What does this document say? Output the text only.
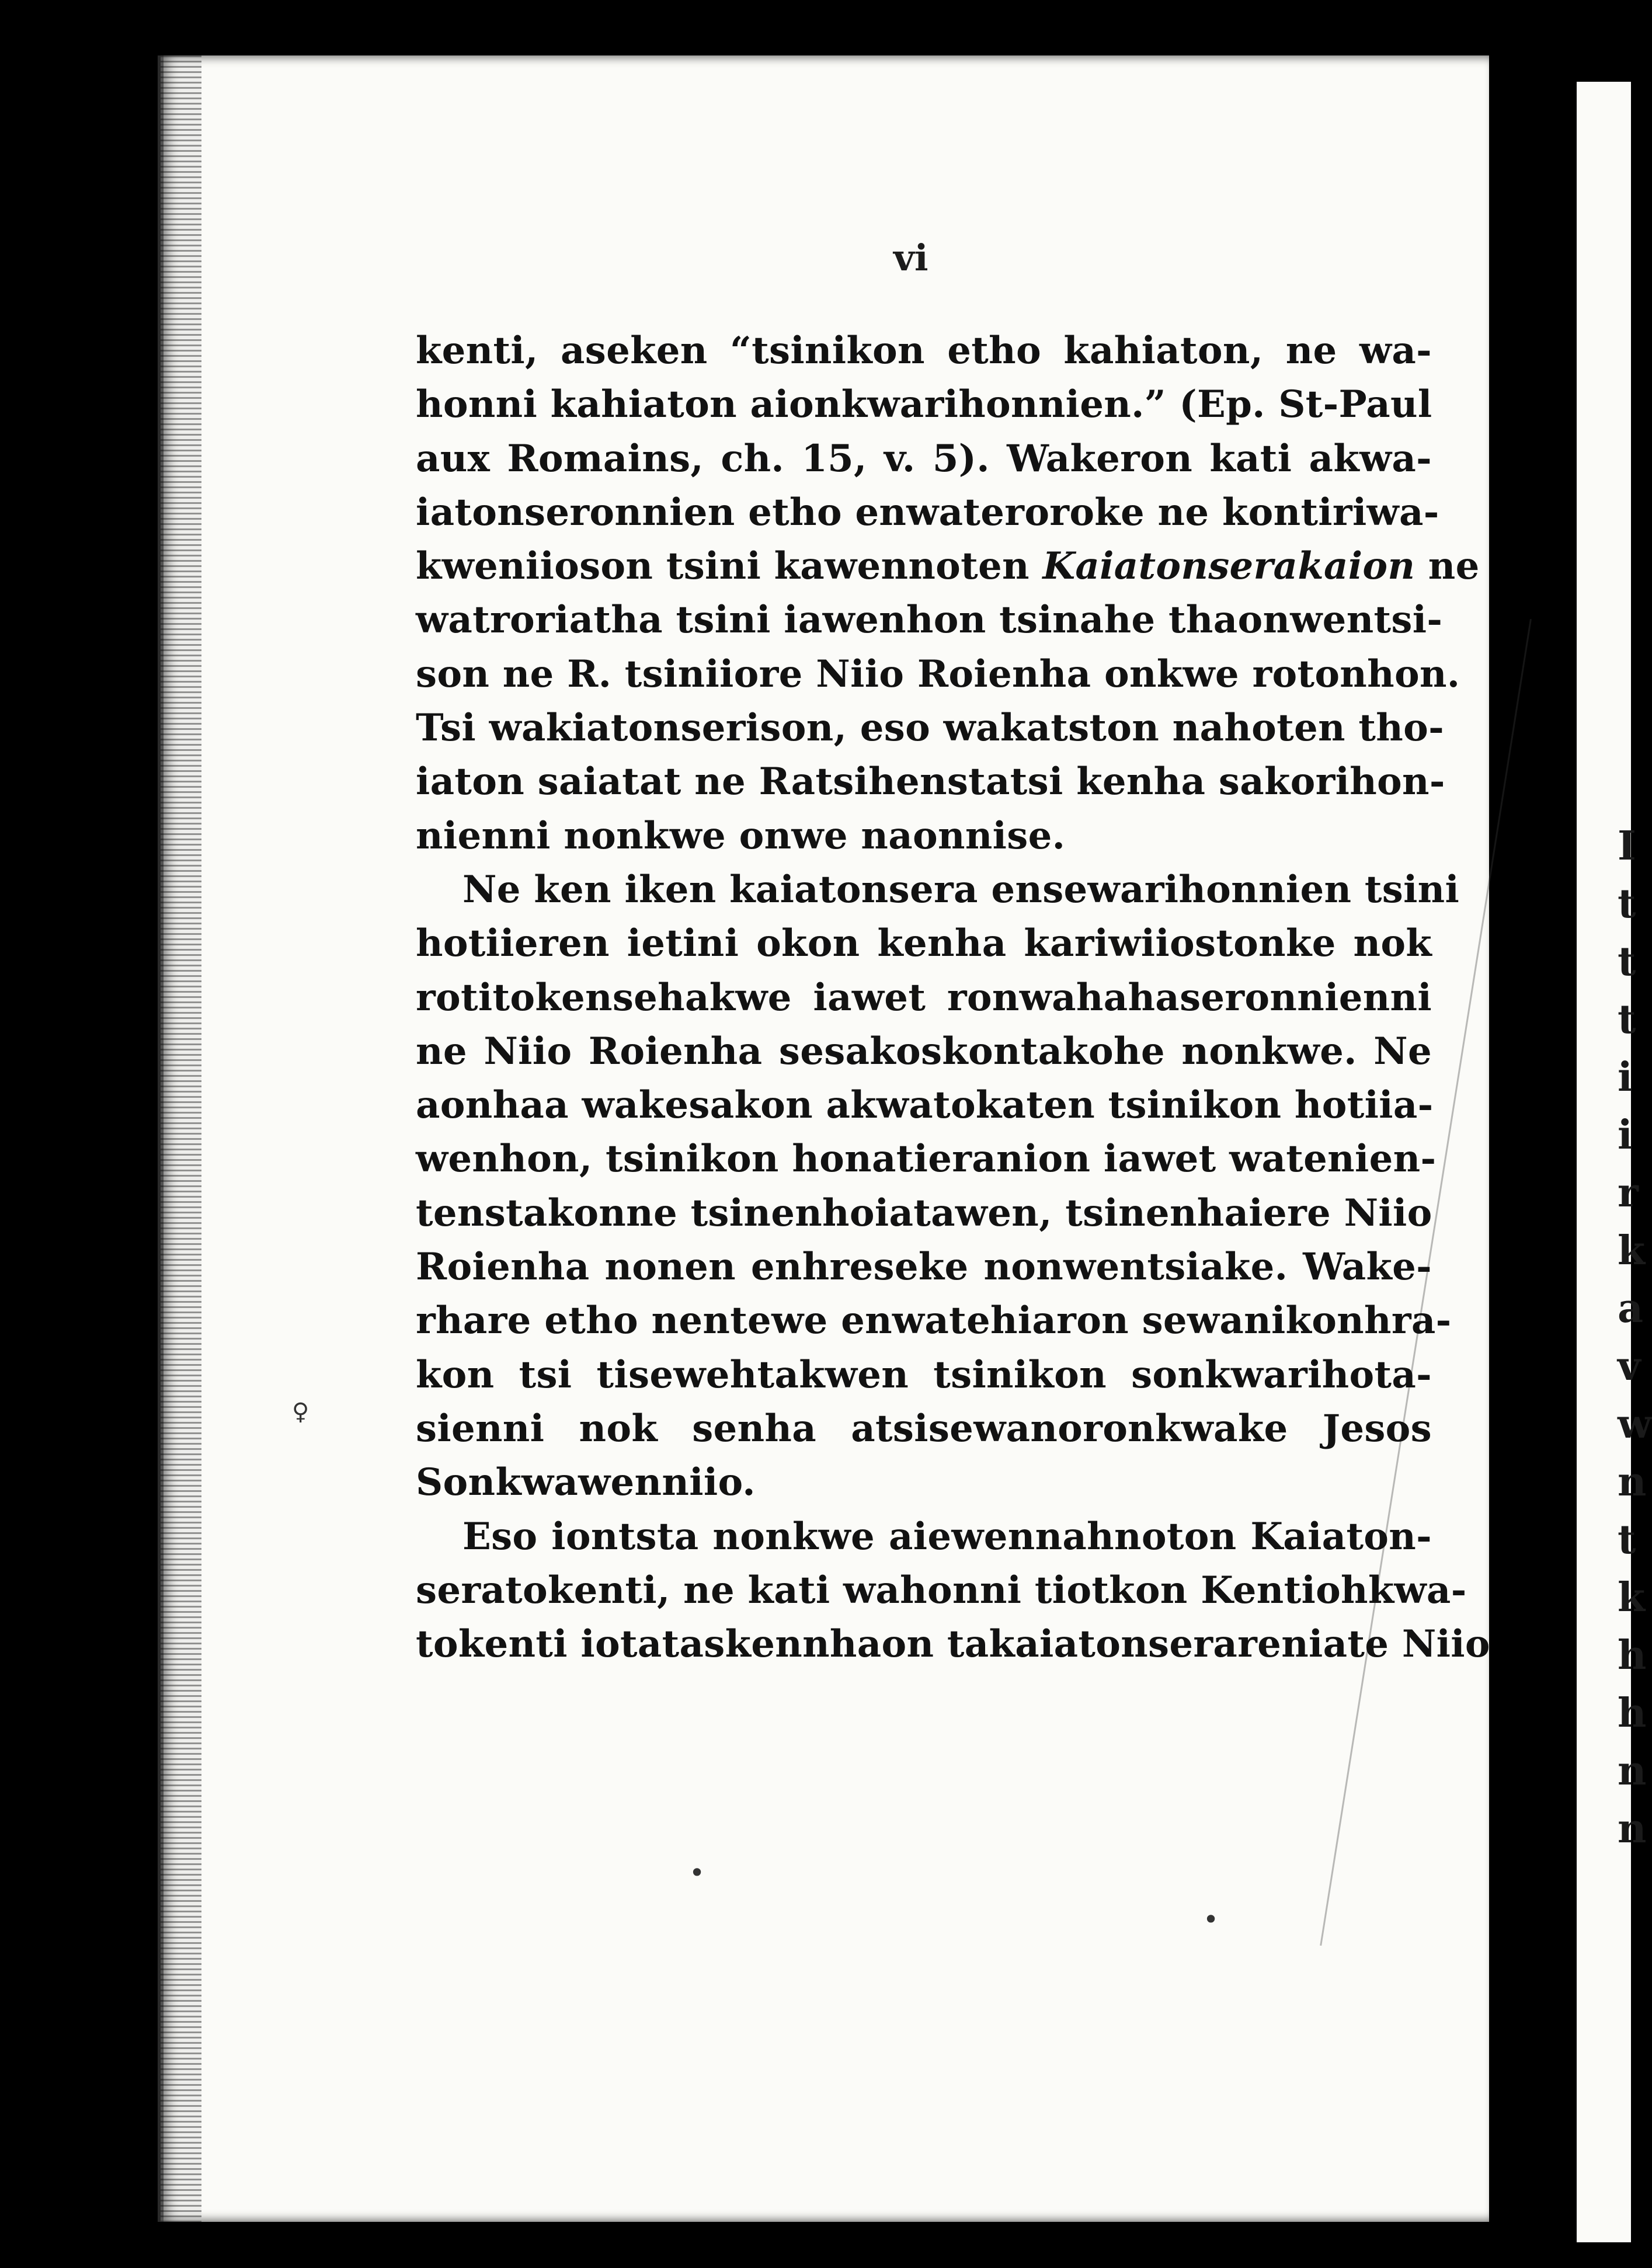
I
t
t
t
i
i
r
k
a
v
w
n
t
k
h
h
n
n
vi

kenti, aseken “tsinikon etho kahiaton, ne wa-
honni kahiaton aionkwarihonnien.” (Ep. St-Paul
aux Romains, ch. 15, v. 5). Wakeron kati akwa-
iatonseronnien etho enwateroroke ne kontiriwa-

kweniioson tsini kawennoten Kaiatonserakaion ne
watroriatha tsini iawenhon tsinahe thaonwentsi-
son ne R. tsiniiore Niio Roienha onkwe rotonhon.
Tsi wakiatonserison, eso wakatston nahoten tho-
iaton saiatat ne Ratsihenstatsi kenha sakorihon-
nienni nonkwe onwe naonnise.

Ne ken iken kaiatonsera ensewarihonnien tsini
hotiieren ietini okon kenha kariwiiostonke nok
rotitokensehakwe iawet ronwahahaseronnienni
ne Niio Roienha sesakoskontakohe nonkwe. Ne
aonhaa wakesakon akwatokaten tsinikon hotiia-
wenhon, tsinikon honatieranion iawet watenien-
tenstakonne tsinenhoiatawen, tsinenhaiere Niio
Roienha nonen enhreseke nonwentsiake. Wake-
rhare etho nentewe enwatehiaron sewanikonhra-
kon tsi tisewehtakwen tsinikon sonkwarihota-
sienni nok senha atsisewanoronkwake Jesos
Sonkwawenniio.

Eso iontsta nonkwe aiewennahnoton Kaiaton-
seratokenti, ne kati wahonni tiotkon Kentiohkwa-
tokenti iotataskennhaon takaiatonserareniate Niio

•
•
♀
